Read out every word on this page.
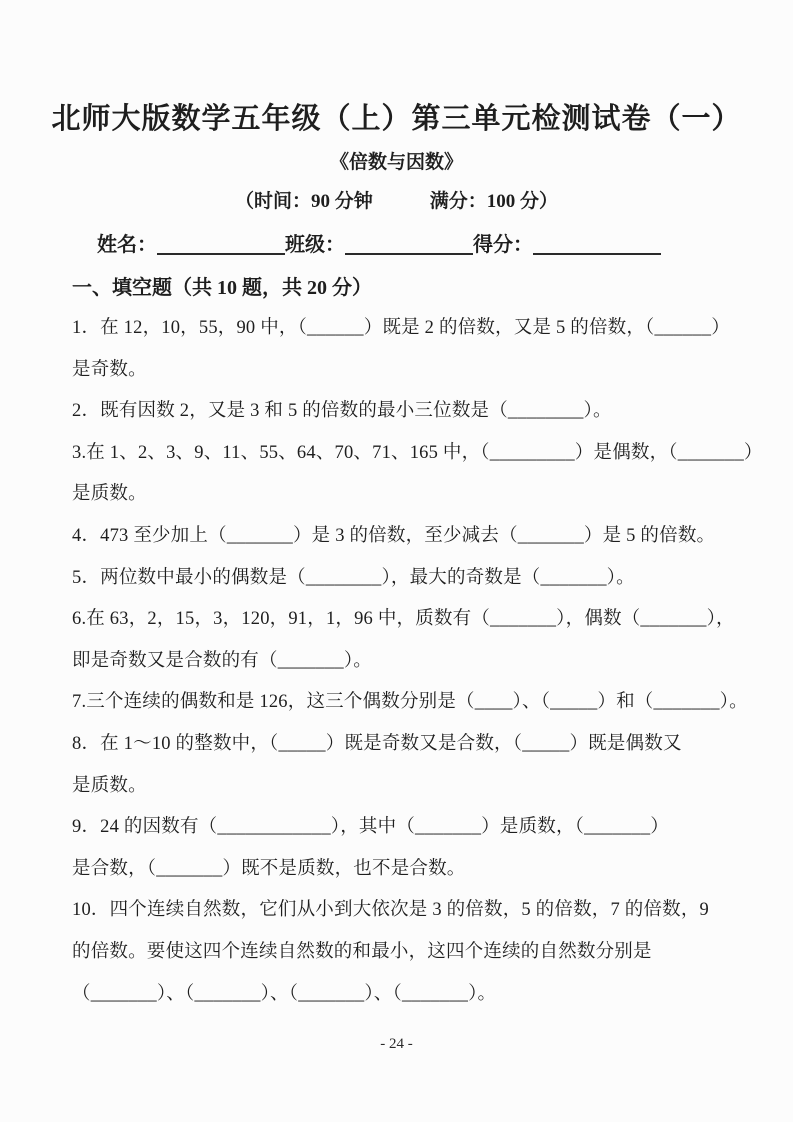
北师大版数学五年级（上）第三单元检测试卷（一）
《倍数与因数》
（时间：90 分钟　　　满分：100 分）
姓名：	班级：	得分：
一、填空题（共 10 题，共 20 分）
1．在 12，10，55，90 中，（______）既是 2 的倍数，又是 5 的倍数，（______）
是奇数。
2．既有因数 2，又是 3 和 5 的倍数的最小三位数是（________）。
3.在 1、2、3、9、11、55、64、70、71、165 中，（_________）是偶数，（_______）
是质数。
4．473 至少加上（_______）是 3 的倍数，至少减去（_______）是 5 的倍数。
5．两位数中最小的偶数是（________），最大的奇数是（_______）。
6.在 63，2，15，3，120，91，1，96 中，质数有（_______），偶数（_______），
即是奇数又是合数的有（_______）。
7.三个连续的偶数和是 126，这三个偶数分别是（____）、（_____）和（_______）。
8．在 1～10 的整数中，（_____）既是奇数又是合数，（_____）既是偶数又
是质数。
9．24 的因数有（____________），其中（_______）是质数，（_______）
是合数，（_______）既不是质数，也不是合数。
10．四个连续自然数，它们从小到大依次是 3 的倍数，5 的倍数，7 的倍数，9
的倍数。要使这四个连续自然数的和最小，这四个连续的自然数分别是
（_______）、（_______）、（_______）、（_______）。
- 24 -
